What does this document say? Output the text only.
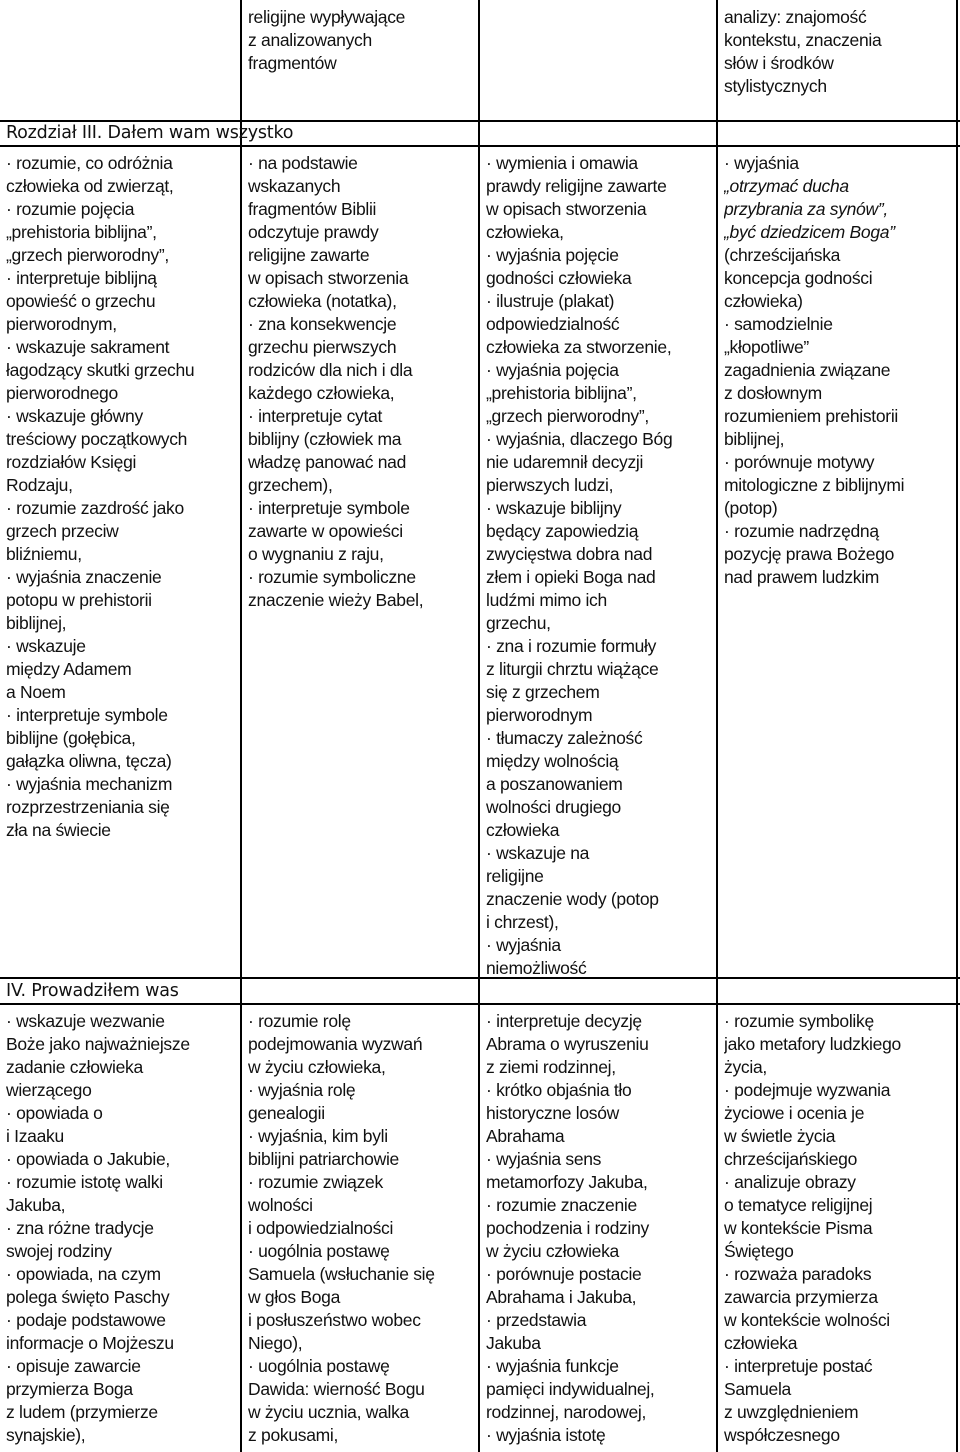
religijne wypływające
z analizowanych
fragmentów
analizy: znajomość
kontekstu, znaczenia
słów i środków
stylistycznych
Rozdział III. Dałem wam wszystko
· rozumie, co odróżnia
człowieka od zwierząt,
· rozumie pojęcia
„prehistoria biblijna”,
„grzech pierworodny”,
· interpretuje biblijną
opowieść o grzechu
pierworodnym,
· wskazuje sakrament
łagodzący skutki grzechu
pierworodnego
· wskazuje główny
treściowy początkowych
rozdziałów Księgi
Rodzaju,
· rozumie zazdrość jako
grzech przeciw
bliźniemu,
· wyjaśnia znaczenie
potopu w prehistorii
biblijnej,
· wskazuje
między Adamem
a Noem
· interpretuje symbole
biblijne (gołębica,
gałązka oliwna, tęcza)
· wyjaśnia mechanizm
rozprzestrzeniania się
zła na świecie
· na podstawie
wskazanych
fragmentów Biblii
odczytuje prawdy
religijne zawarte
w opisach stworzenia
człowieka (notatka),
· zna konsekwencje
grzechu pierwszych
rodziców dla nich i dla
każdego człowieka,
· interpretuje cytat
biblijny (człowiek ma
władzę panować nad
grzechem),
· interpretuje symbole
zawarte w opowieści
o wygnaniu z raju,
· rozumie symboliczne
znaczenie wieży Babel,
· wymienia i omawia
prawdy religijne zawarte
w opisach stworzenia
człowieka,
· wyjaśnia pojęcie
godności człowieka
· ilustruje (plakat)
odpowiedzialność
człowieka za stworzenie,
· wyjaśnia pojęcia
„prehistoria biblijna”,
„grzech pierworodny”,
· wyjaśnia, dlaczego Bóg
nie udaremnił decyzji
pierwszych ludzi,
· wskazuje biblijny
będący zapowiedzią
zwycięstwa dobra nad
złem i opieki Boga nad
ludźmi mimo ich
grzechu,
· zna i rozumie formuły
z liturgii chrztu wiążące
się z grzechem
pierworodnym
· tłumaczy zależność
między wolnością
a poszanowaniem
wolności drugiego
człowieka
· wskazuje na
religijne
znaczenie wody (potop
i chrzest),
· wyjaśnia
niemożliwość
· wyjaśnia
„otrzymać ducha
przybrania za synów”,
„być dziedzicem Boga”
(chrześcijańska
koncepcja godności
człowieka)
· samodzielnie
„kłopotliwe”
zagadnienia związane
z dosłownym
rozumieniem prehistorii
biblijnej,
· porównuje motywy
mitologiczne z biblijnymi
(potop)
· rozumie nadrzędną
pozycję prawa Bożego
nad prawem ludzkim
IV. Prowadziłem was
· wskazuje wezwanie
Boże jako najważniejsze
zadanie człowieka
wierzącego
· opowiada o
i Izaaku
· opowiada o Jakubie,
· rozumie istotę walki
Jakuba,
· zna różne tradycje
swojej rodziny
· opowiada, na czym
polega święto Paschy
· podaje podstawowe
informacje o Mojżeszu
· opisuje zawarcie
przymierza Boga
z ludem (przymierze
synajskie),
· rozumie rolę
podejmowania wyzwań
w życiu człowieka,
· wyjaśnia rolę
genealogii
· wyjaśnia, kim byli
biblijni patriarchowie
· rozumie związek
wolności
i odpowiedzialności
· uogólnia postawę
Samuela (wsłuchanie się
w głos Boga
i posłuszeństwo wobec
Niego),
· uogólnia postawę
Dawida: wierność Bogu
w życiu ucznia, walka
z pokusami,
· interpretuje decyzję
Abrama o wyruszeniu
z ziemi rodzinnej,
· krótko objaśnia tło
historyczne losów
Abrahama
· wyjaśnia sens
metamorfozy Jakuba,
· rozumie znaczenie
pochodzenia i rodziny
w życiu człowieka
· porównuje postacie
Abrahama i Jakuba,
· przedstawia
Jakuba
· wyjaśnia funkcje
pamięci indywidualnej,
rodzinnej, narodowej,
· wyjaśnia istotę
· rozumie symbolikę
jako metafory ludzkiego
życia,
· podejmuje wyzwania
życiowe i ocenia je
w świetle życia
chrześcijańskiego
· analizuje obrazy
o tematyce religijnej
w kontekście Pisma
Świętego
· rozważa paradoks
zawarcia przymierza
w kontekście wolności
człowieka
· interpretuje postać
Samuela
z uwzględnieniem
współczesnego
